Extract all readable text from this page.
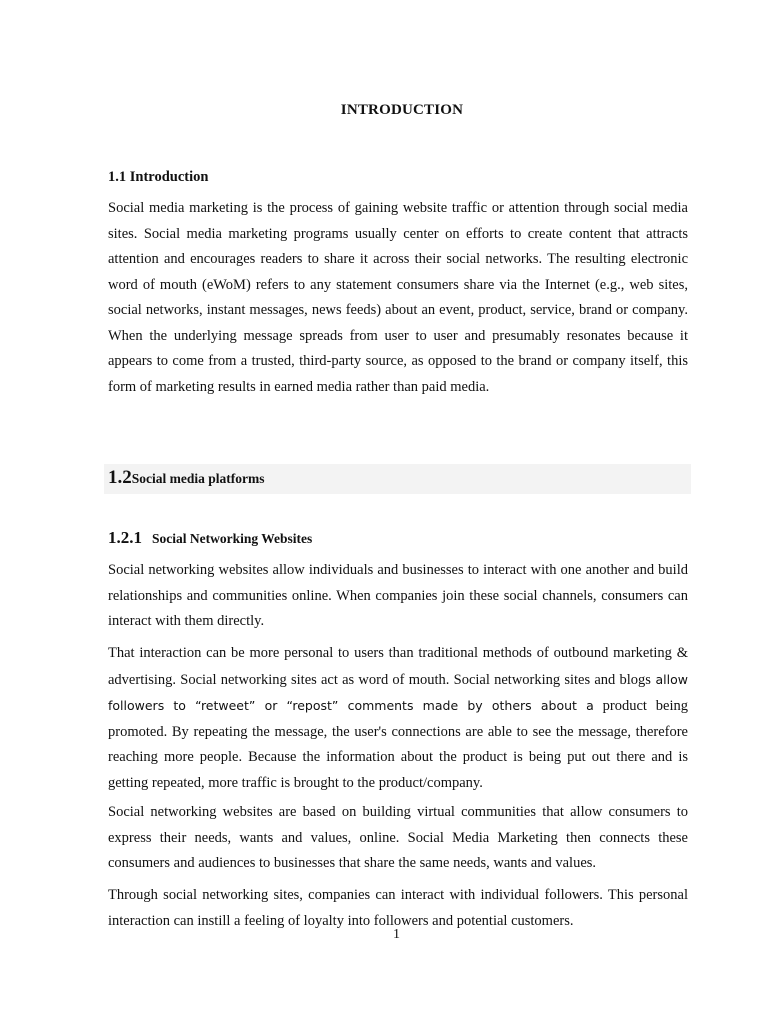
INTRODUCTION
1.1 Introduction

Social media marketing is the process of gaining website traffic or attention through social media sites. Social media marketing programs usually center on efforts to create content that attracts attention and encourages readers to share it across their social networks. The resulting electronic word of mouth (eWoM) refers to any statement consumers share via the Internet (e.g., web sites, social networks, instant messages, news feeds) about an event, product, service, brand or company. When the underlying message spreads from user to user and presumably resonates because it appears to come from a trusted, third-party source, as opposed to the brand or company itself, this form of marketing results in earned media rather than paid media.

1.2Social media platforms
1.2.1 Social Networking Websites

Social networking websites allow individuals and businesses to interact with one another and build relationships and communities online. When companies join these social channels, consumers can interact with them directly.

That interaction can be more personal to users than traditional methods of outbound marketing & advertising. Social networking sites act as word of mouth. Social networking sites and blogs allow followers to “retweet” or “repost” comments made by others about a product being promoted. By repeating the message, the user's connections are able to see the message, therefore reaching more people. Because the information about the product is being put out there and is getting repeated, more traffic is brought to the product/company.

Social networking websites are based on building virtual communities that allow consumers to express their needs, wants and values, online. Social Media Marketing then connects these consumers and audiences to businesses that share the same needs, wants and values.

Through social networking sites, companies can interact with individual followers. This personal interaction can instill a feeling of loyalty into followers and potential customers.

1
